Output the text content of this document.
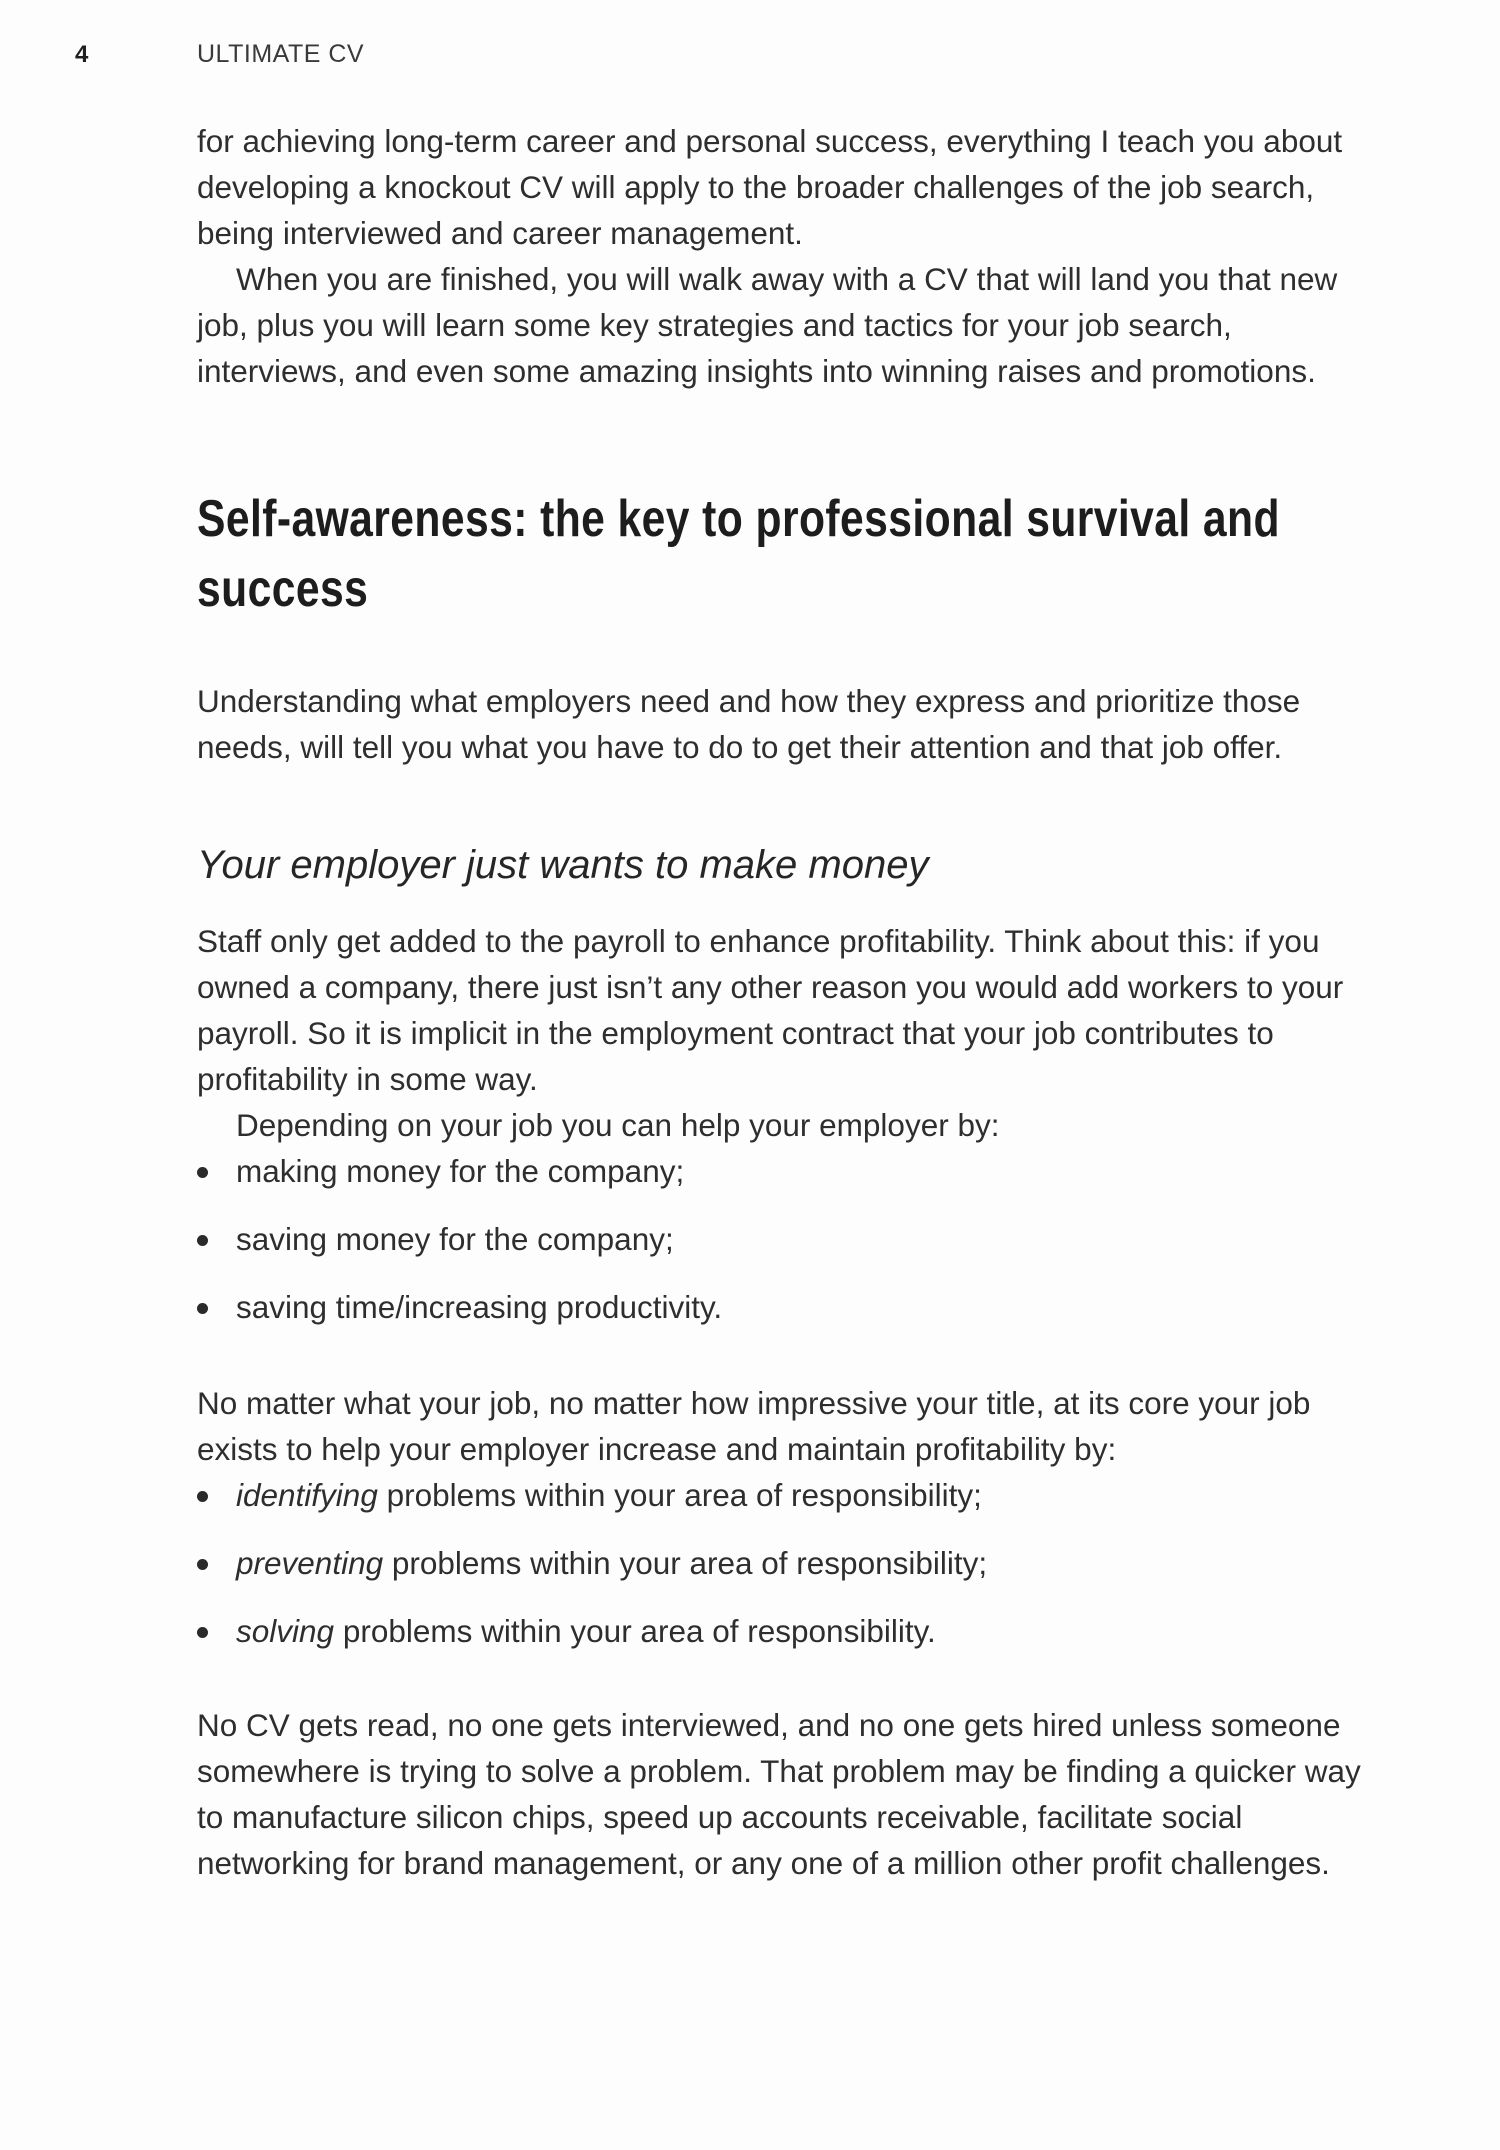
4	ULTIMATE CV

for achieving long-term career and personal success, everything I teach you about developing a knockout CV will apply to the broader challenges of the job search, being interviewed and career management.

When you are finished, you will walk away with a CV that will land you that new job, plus you will learn some key strategies and tactics for your job search, interviews, and even some amazing insights into winning raises and promotions.

Self-awareness: the key to professional survival and success

Understanding what employers need and how they express and prioritize those needs, will tell you what you have to do to get their attention and that job offer.

Your employer just wants to make money

Staff only get added to the payroll to enhance profitability. Think about this: if you owned a company, there just isn’t any other reason you would add workers to your payroll. So it is implicit in the employment contract that your job contributes to profitability in some way.

Depending on your job you can help your employer by:

making money for the company;
saving money for the company;
saving time/increasing productivity.

No matter what your job, no matter how impressive your title, at its core your job exists to help your employer increase and maintain profitability by:

identifying problems within your area of responsibility;
preventing problems within your area of responsibility;
solving problems within your area of responsibility.

No CV gets read, no one gets interviewed, and no one gets hired unless someone somewhere is trying to solve a problem. That problem may be finding a quicker way to manufacture silicon chips, speed up accounts receivable, facilitate social networking for brand management, or any one of a million other profit challenges.
